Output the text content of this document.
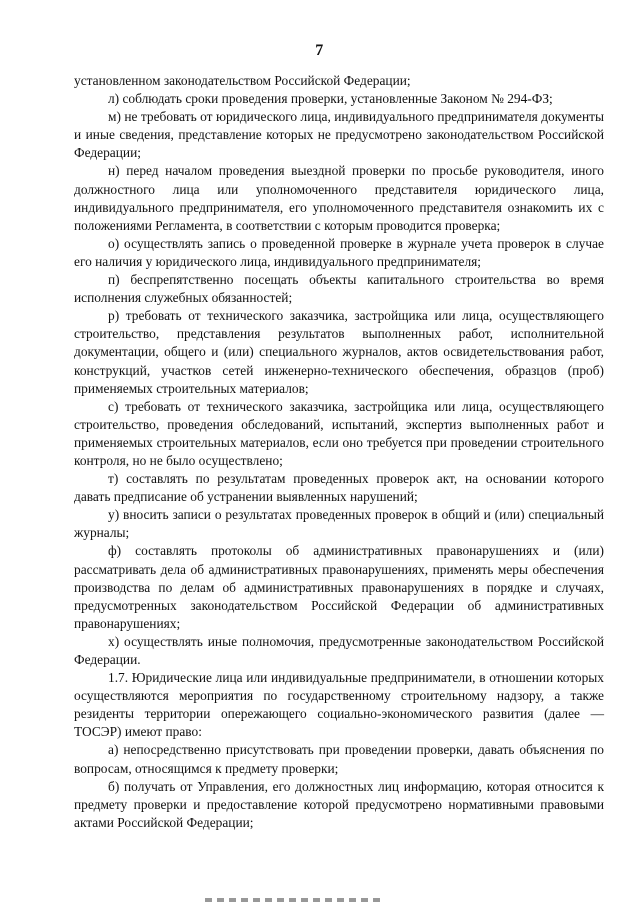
7

установленном законодательством Российской Федерации;

л) соблюдать сроки проведения проверки, установленные Законом № 294-ФЗ;

м) не требовать от юридического лица, индивидуального предпринимателя документы и иные сведения, представление которых не предусмотрено законодательством Российской Федерации;

н) перед началом проведения выездной проверки по просьбе руководителя, иного должностного лица или уполномоченного представителя юридического лица, индивидуального предпринимателя, его уполномоченного представителя ознакомить их с положениями Регламента, в соответствии с которым проводится проверка;

о) осуществлять запись о проведенной проверке в журнале учета проверок в случае его наличия у юридического лица, индивидуального предпринимателя;

п) беспрепятственно посещать объекты капитального строительства во время исполнения служебных обязанностей;

р) требовать от технического заказчика, застройщика или лица, осуществляющего строительство, представления результатов выполненных работ, исполнительной документации, общего и (или) специального журналов, актов освидетельствования работ, конструкций, участков сетей инженерно-технического обеспечения, образцов (проб) применяемых строительных материалов;

с) требовать от технического заказчика, застройщика или лица, осуществляющего строительство, проведения обследований, испытаний, экспертиз выполненных работ и применяемых строительных материалов, если оно требуется при проведении строительного контроля, но не было осуществлено;

т) составлять по результатам проведенных проверок акт, на основании которого давать предписание об устранении выявленных нарушений;

у) вносить записи о результатах проведенных проверок в общий и (или) специальный журналы;

ф) составлять протоколы об административных правонарушениях и (или) рассматривать дела об административных правонарушениях, применять меры обеспечения производства по делам об административных правонарушениях в порядке и случаях, предусмотренных законодательством Российской Федерации об административных правонарушениях;

х) осуществлять иные полномочия, предусмотренные законодательством Российской Федерации.

1.7. Юридические лица или индивидуальные предприниматели, в отношении которых осуществляются мероприятия по государственному строительному надзору, а также резиденты территории опережающего социально-экономического развития (далее — ТОСЭР) имеют право:

а) непосредственно присутствовать при проведении проверки, давать объяснения по вопросам, относящимся к предмету проверки;

б) получать от Управления, его должностных лиц информацию, которая относится к предмету проверки и предоставление которой предусмотрено нормативными правовыми актами Российской Федерации;
